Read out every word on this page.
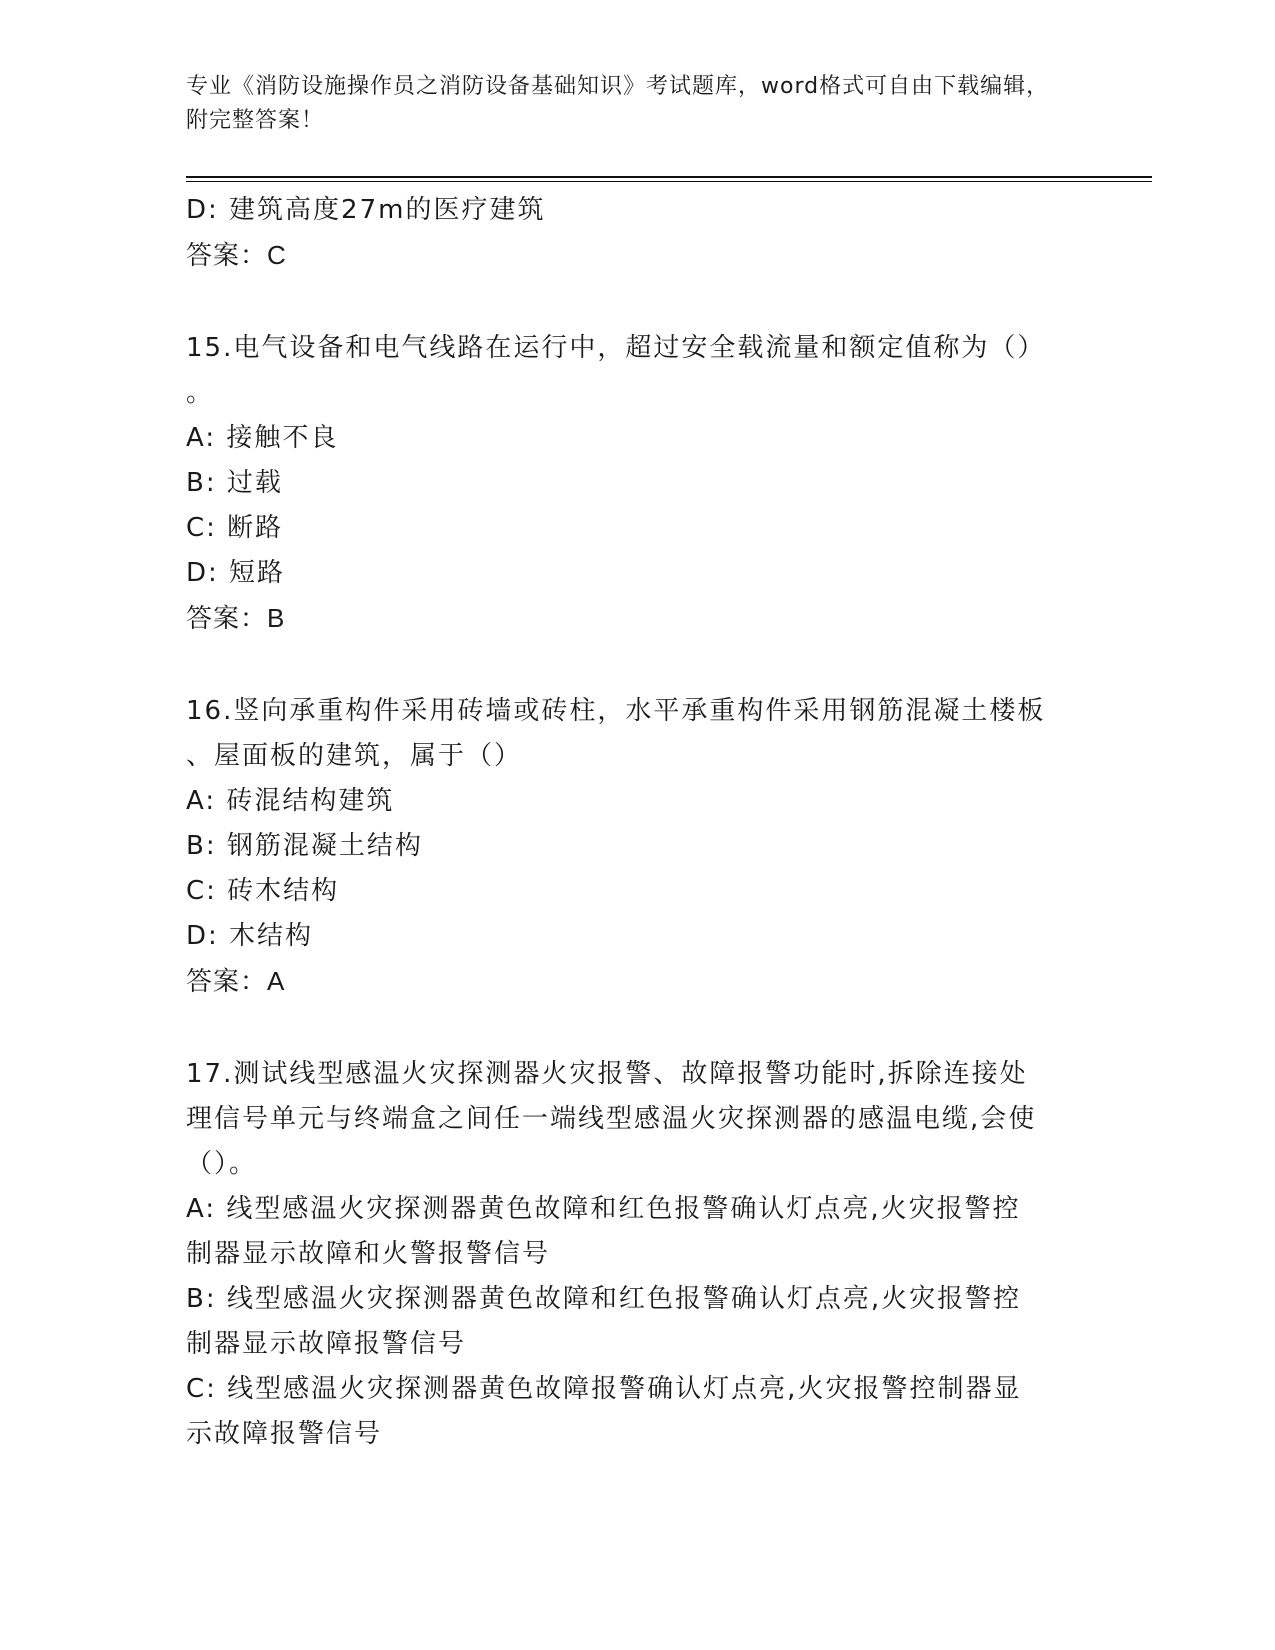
专业《消防设施操作员之消防设备基础知识》考试题库，word格式可自由下载编辑，附完整答案！

D: 建筑高度27m的医疗建筑

答案：C

15.电气设备和电气线路在运行中，超过安全载流量和额定值称为（）

。

A: 接触不良

B: 过载

C: 断路

D: 短路

答案：B

16.竖向承重构件采用砖墙或砖柱，水平承重构件采用钢筋混凝土楼板

、屋面板的建筑，属于（）

A: 砖混结构建筑

B: 钢筋混凝土结构

C: 砖木结构

D: 木结构

答案：A

17.测试线型感温火灾探测器火灾报警、故障报警功能时,拆除连接处

理信号单元与终端盒之间任一端线型感温火灾探测器的感温电缆,会使

（）。

A: 线型感温火灾探测器黄色故障和红色报警确认灯点亮,火灾报警控

制器显示故障和火警报警信号

B: 线型感温火灾探测器黄色故障和红色报警确认灯点亮,火灾报警控

制器显示故障报警信号

C: 线型感温火灾探测器黄色故障报警确认灯点亮,火灾报警控制器显

示故障报警信号
